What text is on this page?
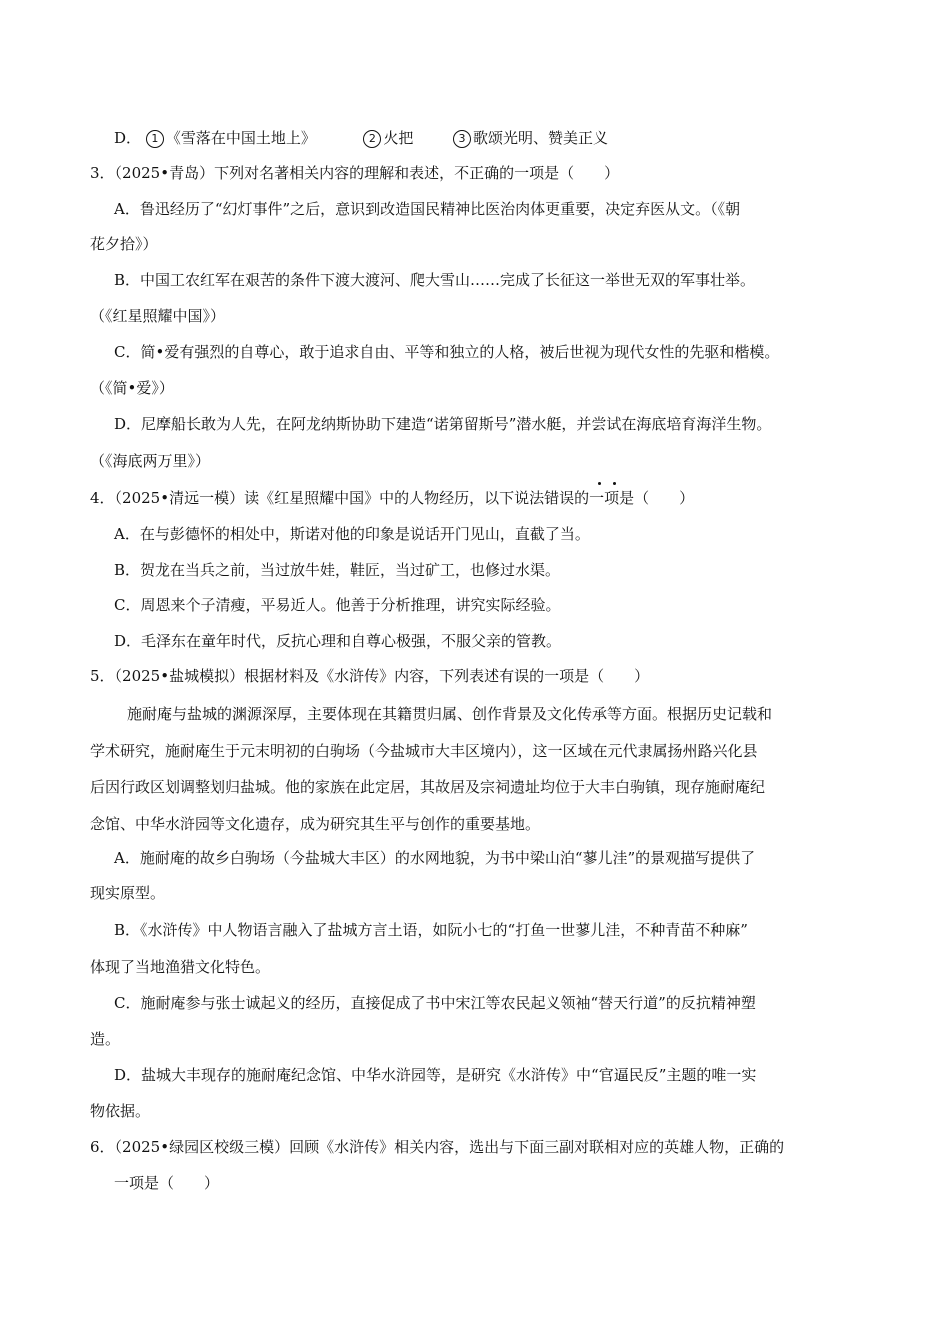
D． 1 《雪落在中国土地上》	2 火把	3 歌颂光明、赞美正义
3．（2025•青岛）下列对名著相关内容的理解和表述，不正确的一项是（　　）
A．鲁迅经历了“幻灯事件”之后，意识到改造国民精神比医治肉体更重要，决定弃医从文。（《朝
花夕拾》）
B．中国工农红军在艰苦的条件下渡大渡河、爬大雪山……完成了长征这一举世无双的军事壮举。
（《红星照耀中国》）
C．简•爱有强烈的自尊心，敢于追求自由、平等和独立的人格，被后世视为现代女性的先驱和楷模。
（《简•爱》）
D．尼摩船长敢为人先，在阿龙纳斯协助下建造“诺第留斯号”潜水艇，并尝试在海底培育海洋生物。
（《海底两万里》）
4．（2025•清远一模）读《红星照耀中国》中的人物经历，以下说法错误的一项是（　　）
A．在与彭德怀的相处中，斯诺对他的印象是说话开门见山，直截了当。
B．贺龙在当兵之前，当过放牛娃，鞋匠，当过矿工，也修过水渠。
C．周恩来个子清瘦，平易近人。他善于分析推理，讲究实际经验。
D．毛泽东在童年时代，反抗心理和自尊心极强，不服父亲的管教。
5．（2025•盐城模拟）根据材料及《水浒传》内容，下列表述有误的一项是（　　）
施耐庵与盐城的渊源深厚，主要体现在其籍贯归属、创作背景及文化传承等方面。根据历史记载和
学术研究，施耐庵生于元末明初的白驹场（今盐城市大丰区境内），这一区域在元代隶属扬州路兴化县
后因行政区划调整划归盐城。他的家族在此定居，其故居及宗祠遗址均位于大丰白驹镇，现存施耐庵纪
念馆、中华水浒园等文化遗存，成为研究其生平与创作的重要基地。
A．施耐庵的故乡白驹场（今盐城大丰区）的水网地貌，为书中梁山泊“蓼儿洼”的景观描写提供了
现实原型。
B．《水浒传》中人物语言融入了盐城方言土语，如阮小七的“打鱼一世蓼儿洼，不种青苗不种麻”
体现了当地渔猎文化特色。
C．施耐庵参与张士诚起义的经历，直接促成了书中宋江等农民起义领袖“替天行道”的反抗精神塑
造。
D．盐城大丰现存的施耐庵纪念馆、中华水浒园等，是研究《水浒传》中“官逼民反”主题的唯一实
物依据。
6．（2025•绿园区校级三模）回顾《水浒传》相关内容，选出与下面三副对联相对应的英雄人物，正确的
一项是（　　）
